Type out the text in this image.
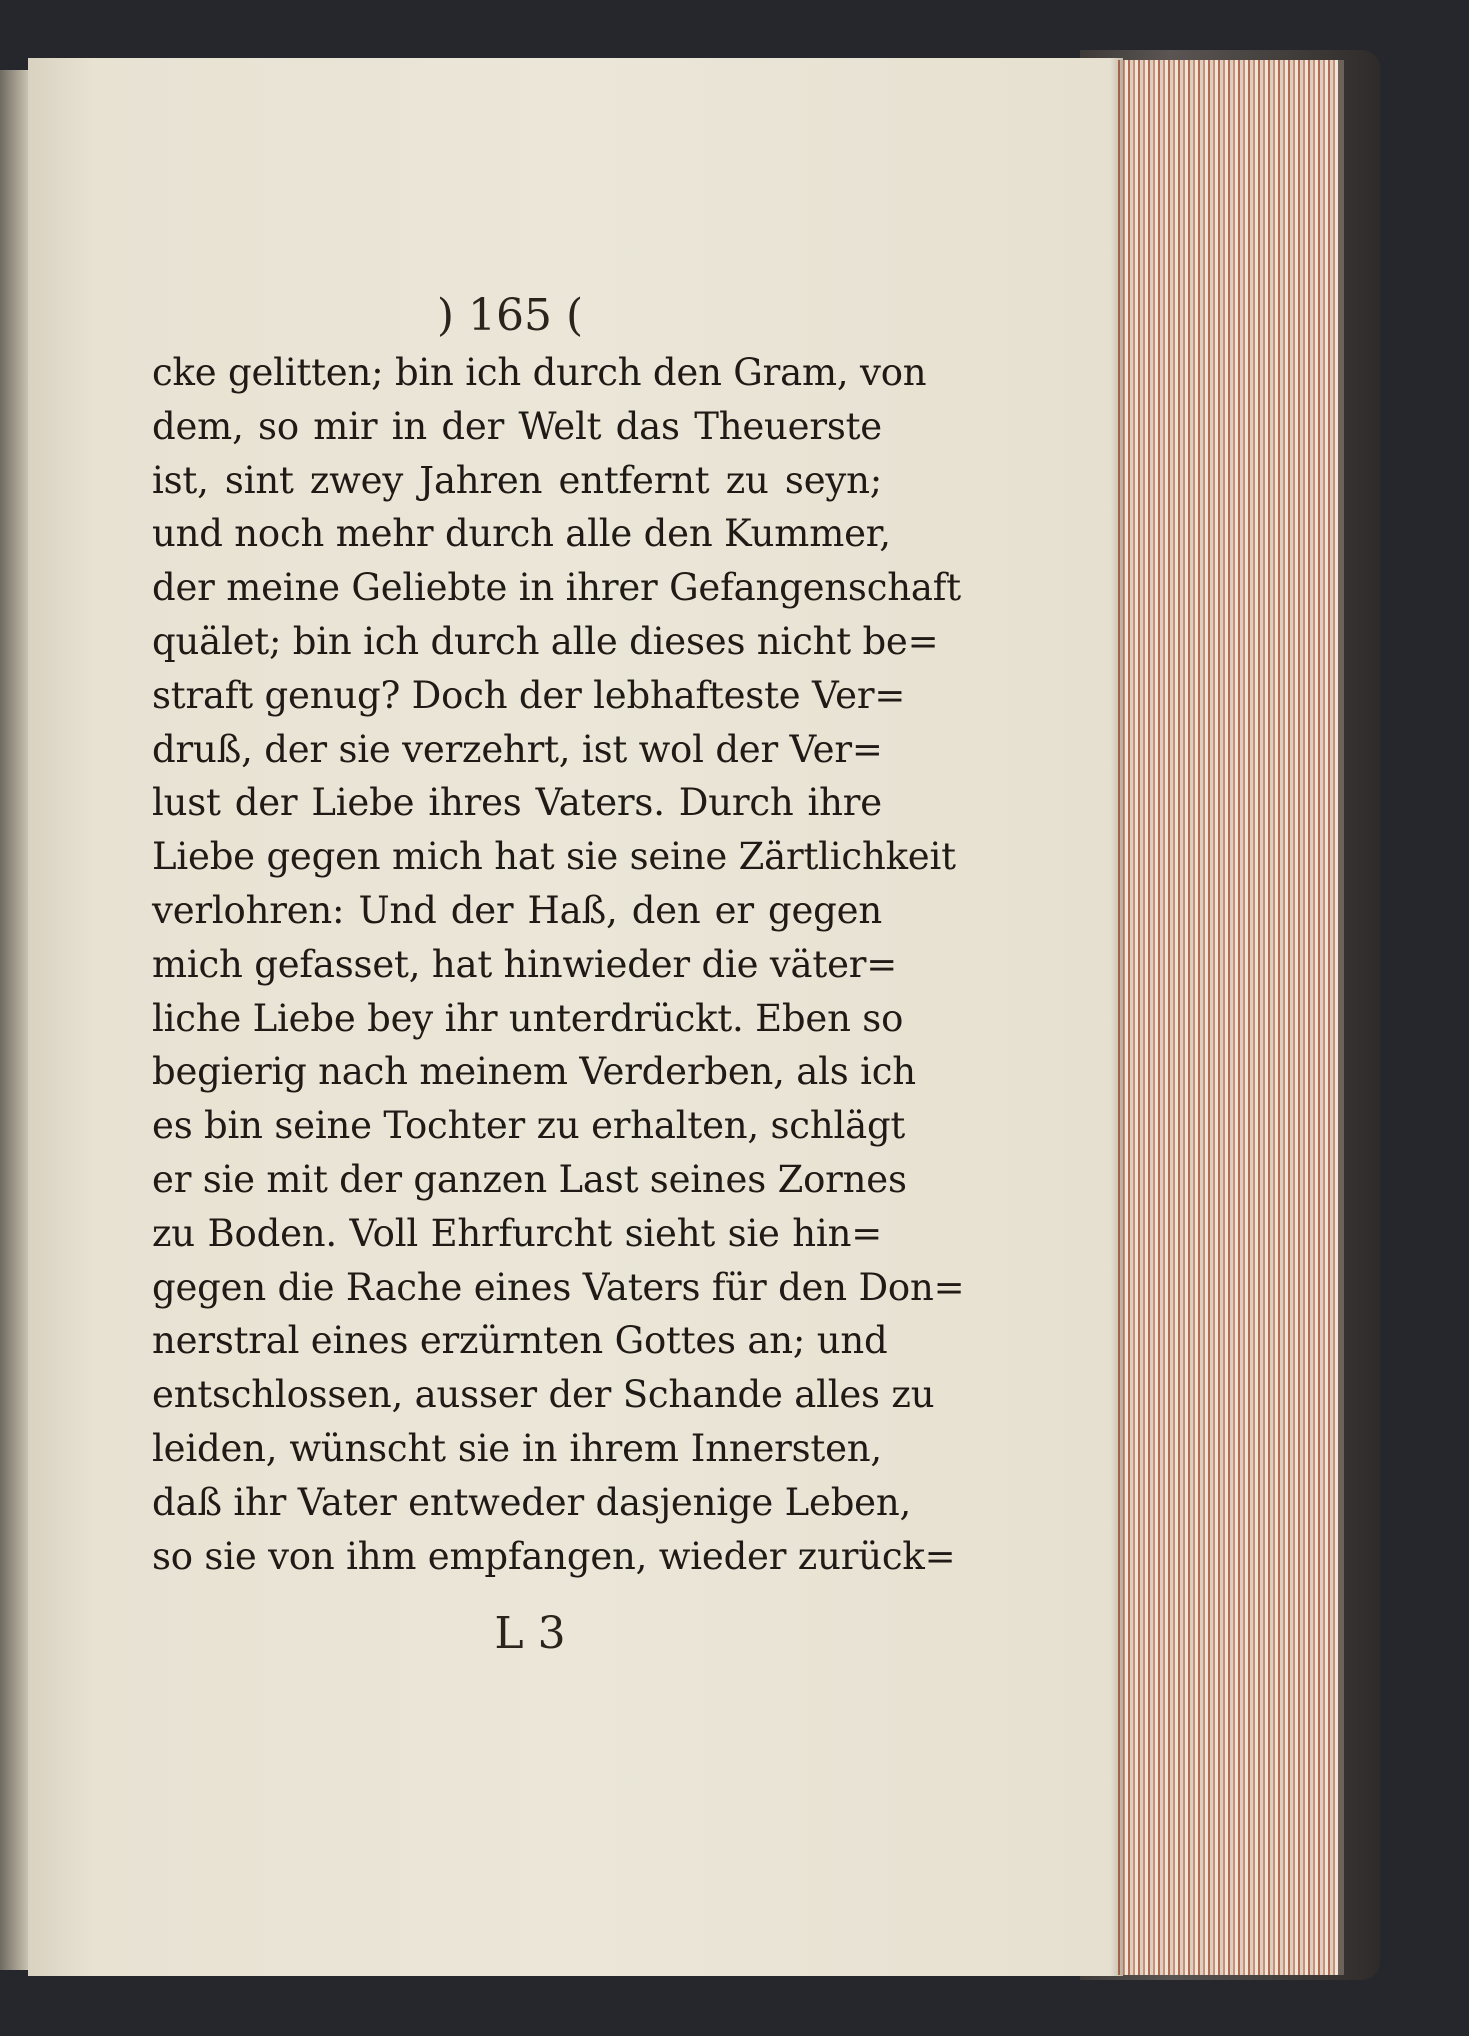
) 165 (
cke gelitten; bin ich durch den Gram, von
dem, so mir in der Welt das Theuerste
ist, sint zwey Jahren entfernt zu seyn;
und noch mehr durch alle den Kummer,
der meine Geliebte in ihrer Gefangenschaft
quälet; bin ich durch alle dieses nicht be=
straft genug? Doch der lebhafteste Ver=
druß, der sie verzehrt, ist wol der Ver=
lust der Liebe ihres Vaters. Durch ihre
Liebe gegen mich hat sie seine Zärtlichkeit
verlohren: Und der Haß, den er gegen
mich gefasset, hat hinwieder die väter=
liche Liebe bey ihr unterdrückt. Eben so
begierig nach meinem Verderben, als ich
es bin seine Tochter zu erhalten, schlägt
er sie mit der ganzen Last seines Zornes
zu Boden. Voll Ehrfurcht sieht sie hin=
gegen die Rache eines Vaters für den Don=
nerstral eines erzürnten Gottes an; und
entschlossen, ausser der Schande alles zu
leiden, wünscht sie in ihrem Innersten,
daß ihr Vater entweder dasjenige Leben,
so sie von ihm empfangen, wieder zurück=
L 3
